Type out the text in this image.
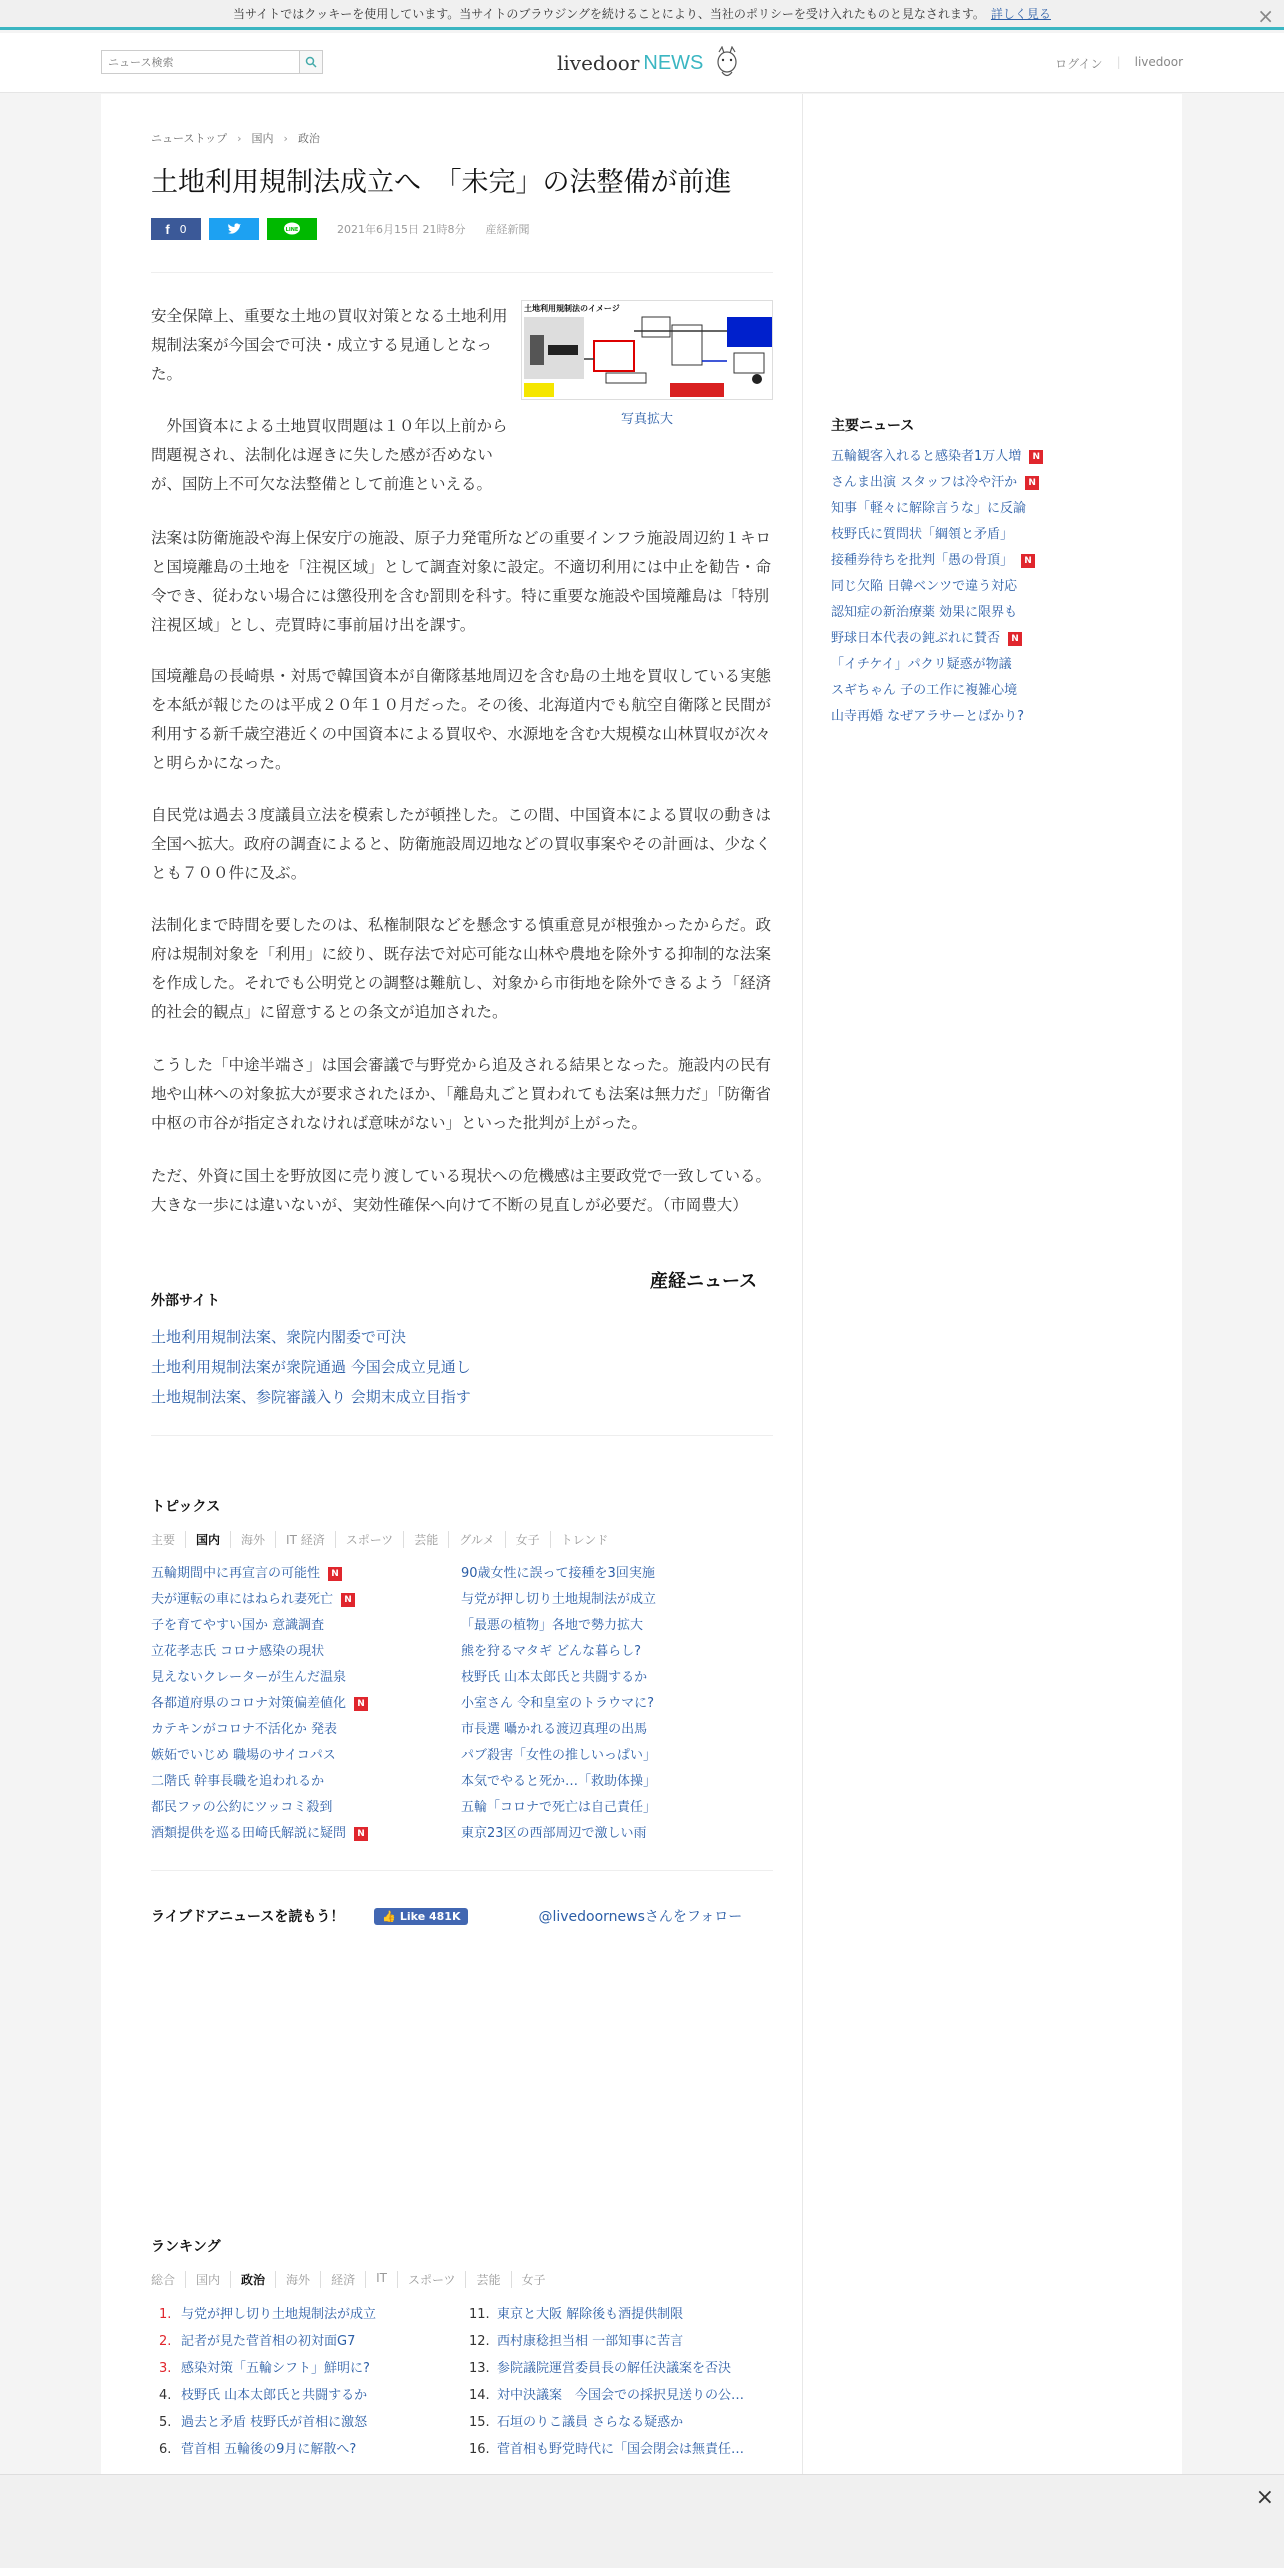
当サイトではクッキーを使用しています。当サイトのブラウジングを続けることにより、当社のポリシーを受け入れたものと見なされます。 詳しく見る	×
ニュース検索
livedoor NEWS	ログイン | livedoor
ニューストップ › 国内 › 政治
土地利用規制法成立へ　「未完」の法整備が前進
f 0	LINE	2021年6月15日 21時8分 産経新聞
安全保障上、重要な土地の買収対策となる土地利用規制法案が今国会で可決・成立する見通しとなった。
　外国資本による土地買収問題は１０年以上前から問題視され、法制化は遅きに失した感が否めないが、国防上不可欠な法整備として前進といえる。
土地利用規制法のイメージ
写真拡大
法案は防衛施設や海上保安庁の施設、原子力発電所などの重要インフラ施設周辺約１キロと国境離島の土地を「注視区域」として調査対象に設定。不適切利用には中止を勧告・命令でき、従わない場合には懲役刑を含む罰則を科す。特に重要な施設や国境離島は「特別注視区域」とし、売買時に事前届け出を課す。
国境離島の長崎県・対馬で韓国資本が自衛隊基地周辺を含む島の土地を買収している実態を本紙が報じたのは平成２０年１０月だった。その後、北海道内でも航空自衛隊と民間が利用する新千歳空港近くの中国資本による買収や、水源地を含む大規模な山林買収が次々と明らかになった。
自民党は過去３度議員立法を模索したが頓挫した。この間、中国資本による買収の動きは全国へ拡大。政府の調査によると、防衛施設周辺地などの買収事案やその計画は、少なくとも７００件に及ぶ。
法制化まで時間を要したのは、私権制限などを懸念する慎重意見が根強かったからだ。政府は規制対象を「利用」に絞り、既存法で対応可能な山林や農地を除外する抑制的な法案を作成した。それでも公明党との調整は難航し、対象から市街地を除外できるよう「経済的社会的観点」に留意するとの条文が追加された。
こうした「中途半端さ」は国会審議で与野党から追及される結果となった。施設内の民有地や山林への対象拡大が要求されたほか、「離島丸ごと買われても法案は無力だ」「防衛省中枢の市谷が指定されなければ意味がない」といった批判が上がった。
ただ、外資に国土を野放図に売り渡している現状への危機感は主要政党で一致している。大きな一歩には違いないが、実効性確保へ向けて不断の見直しが必要だ。（市岡豊大）
産経ニュース
外部サイト
土地利用規制法案、衆院内閣委で可決
土地利用規制法案が衆院通過 今国会成立見通し
土地規制法案、参院審議入り 会期末成立目指す
トピックス
主要	国内	海外	IT 経済	スポーツ	芸能	グルメ	女子	トレンド
五輪期間中に再宣言の可能性	N
夫が運転の車にはねられ妻死亡	N
子を育てやすい国か 意識調査
立花孝志氏 コロナ感染の現状
見えないクレーターが生んだ温泉
各都道府県のコロナ対策偏差値化	N
カテキンがコロナ不活化か 発表
嫉妬でいじめ 職場のサイコパス
二階氏 幹事長職を追われるか
都民ファの公約にツッコミ殺到
酒類提供を巡る田崎氏解説に疑問	N
90歳女性に誤って接種を3回実施
与党が押し切り土地規制法が成立
「最悪の植物」各地で勢力拡大
熊を狩るマタギ どんな暮らし?
枝野氏 山本太郎氏と共闘するか
小室さん 令和皇室のトラウマに?
市長選 囁かれる渡辺真理の出馬
パブ殺害「女性の推しいっぱい」
本気でやると死か…「救助体操」
五輪「コロナで死亡は自己責任」
東京23区の西部周辺で激しい雨
ライブドアニュースを読もう！	👍 Like 481K	@livedoornewsさんをフォロー
ランキング
総合	国内	政治	海外	経済	IT	スポーツ	芸能	女子
1. 与党が押し切り土地規制法が成立
2. 記者が見た菅首相の初対面G7
3. 感染対策「五輪シフト」鮮明に?
4. 枝野氏 山本太郎氏と共闘するか
5. 過去と矛盾 枝野氏が首相に激怒
6. 菅首相 五輪後の9月に解散へ?
11. 東京と大阪 解除後も酒提供制限
12. 西村康稔担当相 一部知事に苦言
13. 参院議院運営委員長の解任決議案を否決
14. 対中決議案　今国会での採択見送りの公…
15. 石垣のりこ議員 さらなる疑惑か
16. 菅首相も野党時代に「国会閉会は無責任…
主要ニュース
五輪観客入れると感染者1万人増	N
さんま出演 スタッフは冷や汗か	N
知事「軽々に解除言うな」に反論
枝野氏に質問状「綱領と矛盾」
接種券待ちを批判「愚の骨頂」	N
同じ欠陥 日韓ベンツで違う対応
認知症の新治療薬 効果に限界も
野球日本代表の鈍ぶれに賛否	N
「イチケイ」パクリ疑惑が物議
スギちゃん 子の工作に複雑心境
山寺再婚 なぜアラサーとばかり?
×
